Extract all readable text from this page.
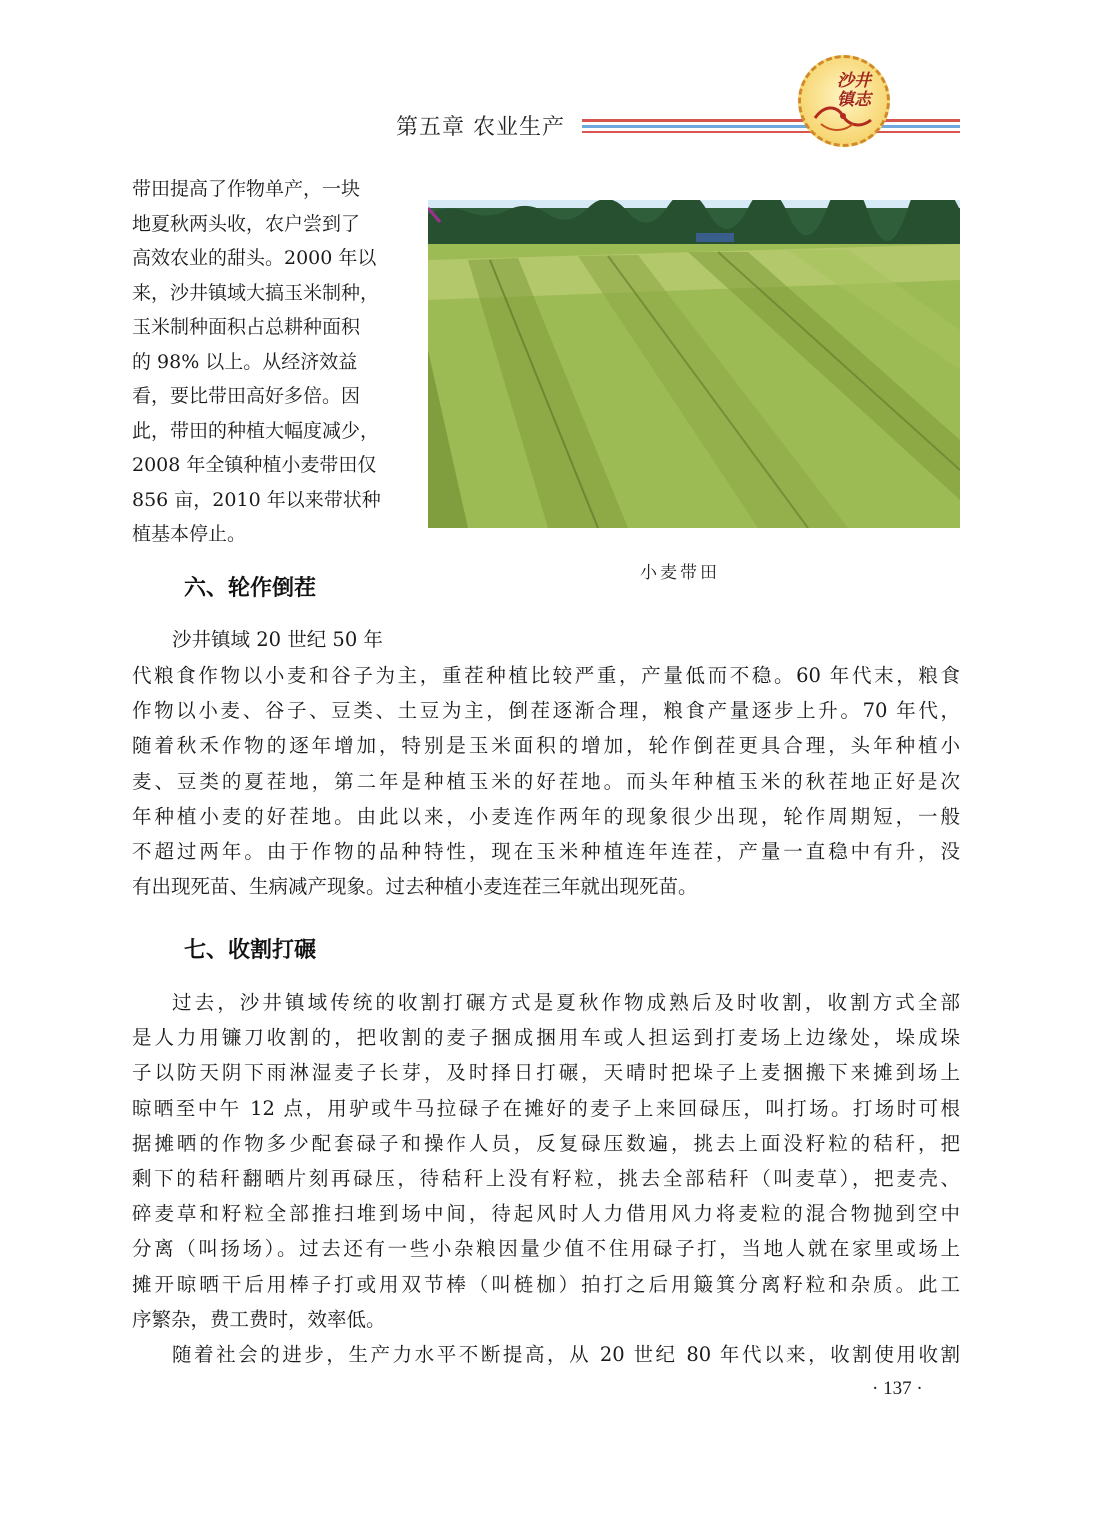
第五章 农业生产
沙井
镇志
带田提高了作物单产，一块
地夏秋两头收，农户尝到了
高效农业的甜头。2000 年以
来，沙井镇域大搞玉米制种，
玉米制种面积占总耕种面积
的 98% 以上。从经济效益
看，要比带田高好多倍。因
此，带田的种植大幅度减少，
2008 年全镇种植小麦带田仅
856 亩，2010 年以来带状种
植基本停止。
小麦带田
六、轮作倒茬
沙井镇域 20 世纪 50 年
代粮食作物以小麦和谷子为主，重茬种植比较严重，产量低而不稳。60 年代末，粮食
作物以小麦、谷子、豆类、土豆为主，倒茬逐渐合理，粮食产量逐步上升。70 年代，
随着秋禾作物的逐年增加，特别是玉米面积的增加，轮作倒茬更具合理，头年种植小
麦、豆类的夏茬地，第二年是种植玉米的好茬地。而头年种植玉米的秋茬地正好是次
年种植小麦的好茬地。由此以来，小麦连作两年的现象很少出现，轮作周期短，一般
不超过两年。由于作物的品种特性，现在玉米种植连年连茬，产量一直稳中有升，没
有出现死苗、生病减产现象。过去种植小麦连茬三年就出现死苗。
七、收割打碾
过去，沙井镇域传统的收割打碾方式是夏秋作物成熟后及时收割，收割方式全部
是人力用镰刀收割的，把收割的麦子捆成捆用车或人担运到打麦场上边缘处，垛成垛
子以防天阴下雨淋湿麦子长芽，及时择日打碾，天晴时把垛子上麦捆搬下来摊到场上
晾晒至中午 12 点，用驴或牛马拉碌子在摊好的麦子上来回碌压，叫打场。打场时可根
据摊晒的作物多少配套碌子和操作人员，反复碌压数遍，挑去上面没籽粒的秸秆，把
剩下的秸秆翻晒片刻再碌压，待秸秆上没有籽粒，挑去全部秸秆（叫麦草），把麦壳、
碎麦草和籽粒全部推扫堆到场中间，待起风时人力借用风力将麦粒的混合物抛到空中
分离（叫扬场）。过去还有一些小杂粮因量少值不住用碌子打，当地人就在家里或场上
摊开晾晒干后用棒子打或用双节棒（叫梿枷）拍打之后用簸箕分离籽粒和杂质。此工
序繁杂，费工费时，效率低。
随着社会的进步，生产力水平不断提高，从 20 世纪 80 年代以来，收割使用收割
· 137 ·
